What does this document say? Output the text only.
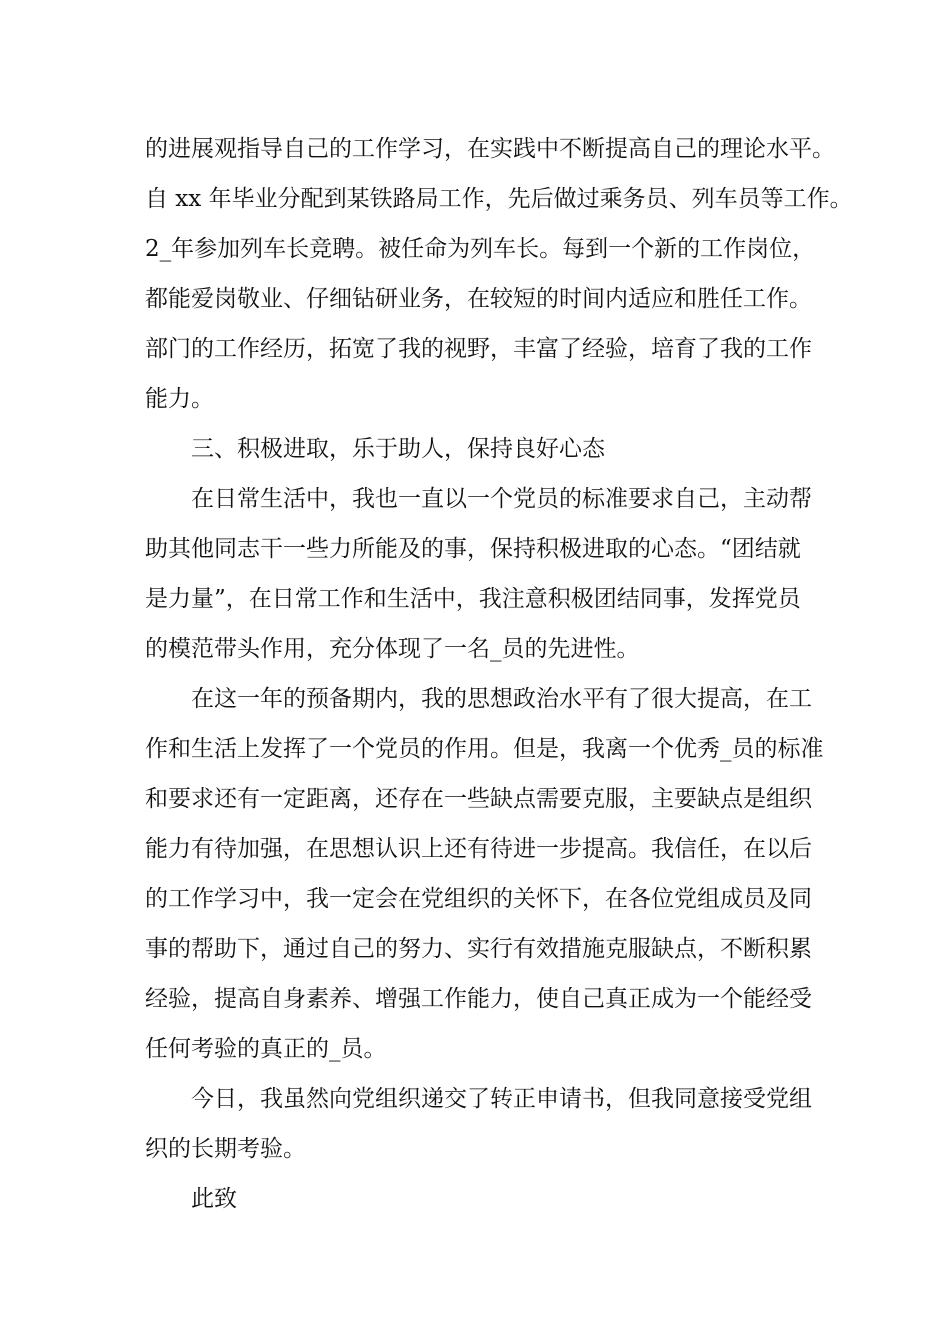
的进展观指导自己的工作学习，在实践中不断提高自己的理论水平。
自 xx 年毕业分配到某铁路局工作，先后做过乘务员、列车员等工作。
2_年参加列车长竞聘。被任命为列车长。每到一个新的工作岗位，
都能爱岗敬业、仔细钻研业务，在较短的时间内适应和胜任工作。
部门的工作经历，拓宽了我的视野，丰富了经验，培育了我的工作
能力。
三、积极进取，乐于助人，保持良好心态
在日常生活中，我也一直以一个党员的标准要求自己，主动帮
助其他同志干一些力所能及的事，保持积极进取的心态。“团结就
是力量”，在日常工作和生活中，我注意积极团结同事，发挥党员
的模范带头作用，充分体现了一名_员的先进性。
在这一年的预备期内，我的思想政治水平有了很大提高，在工
作和生活上发挥了一个党员的作用。但是，我离一个优秀_员的标准
和要求还有一定距离，还存在一些缺点需要克服，主要缺点是组织
能力有待加强，在思想认识上还有待进一步提高。我信任，在以后
的工作学习中，我一定会在党组织的关怀下，在各位党组成员及同
事的帮助下，通过自己的努力、实行有效措施克服缺点，不断积累
经验，提高自身素养、增强工作能力，使自己真正成为一个能经受
任何考验的真正的_员。
今日，我虽然向党组织递交了转正申请书，但我同意接受党组
织的长期考验。
此致
